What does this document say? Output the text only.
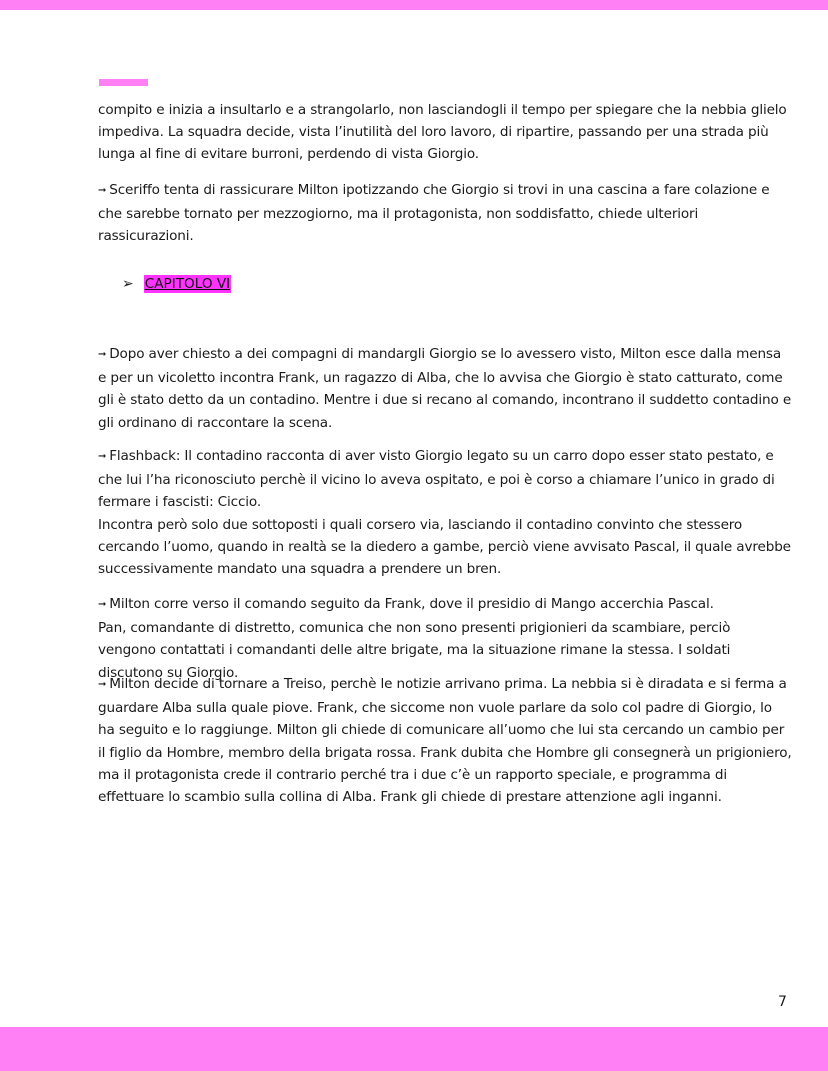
compito e inizia a insultarlo e a strangolarlo, non lasciandogli il tempo per spiegare che la nebbia glielo impediva. La squadra decide, vista l’inutilità del loro lavoro, di ripartire, passando per una strada più lunga al fine di evitare burroni, perdendo di vista Giorgio.

➞ Sceriffo tenta di rassicurare Milton ipotizzando che Giorgio si trovi in una cascina a fare colazione e che sarebbe tornato per mezzogiorno, ma il protagonista, non soddisfatto, chiede ulteriori rassicurazioni.

➢ CAPITOLO VI

➞ Dopo aver chiesto a dei compagni di mandargli Giorgio se lo avessero visto, Milton esce dalla mensa e per un vicoletto incontra Frank, un ragazzo di Alba, che lo avvisa che Giorgio è stato catturato, come gli è stato detto da un contadino. Mentre i due si recano al comando, incontrano il suddetto contadino e gli ordinano di raccontare la scena.

➞ Flashback: Il contadino racconta di aver visto Giorgio legato su un carro dopo esser stato pestato, e che lui l’ha riconosciuto perchè il vicino lo aveva ospitato, e poi è corso a chiamare l’unico in grado di fermare i fascisti: Ciccio.
Incontra però solo due sottoposti i quali corsero via, lasciando il contadino convinto che stessero cercando l’uomo, quando in realtà se la diedero a gambe, perciò viene avvisato Pascal, il quale avrebbe successivamente mandato una squadra a prendere un bren.
➞ Milton corre verso il comando seguito da Frank, dove il presidio di Mango accerchia Pascal.
Pan, comandante di distretto, comunica che non sono presenti prigionieri da scambiare, perciò vengono contattati i comandanti delle altre brigate, ma la situazione rimane la stessa. I soldati discutono su Giorgio.

➞ Milton decide di tornare a Treiso, perchè le notizie arrivano prima. La nebbia si è diradata e si ferma a guardare Alba sulla quale piove. Frank, che siccome non vuole parlare da solo col padre di Giorgio, lo ha seguito e lo raggiunge. Milton gli chiede di comunicare all’uomo che lui sta cercando un cambio per il figlio da Hombre, membro della brigata rossa. Frank dubita che Hombre gli consegnerà un prigioniero, ma il protagonista crede il contrario perché tra i due c’è un rapporto speciale, e programma di effettuare lo scambio sulla collina di Alba. Frank gli chiede di prestare attenzione agli inganni.

7
